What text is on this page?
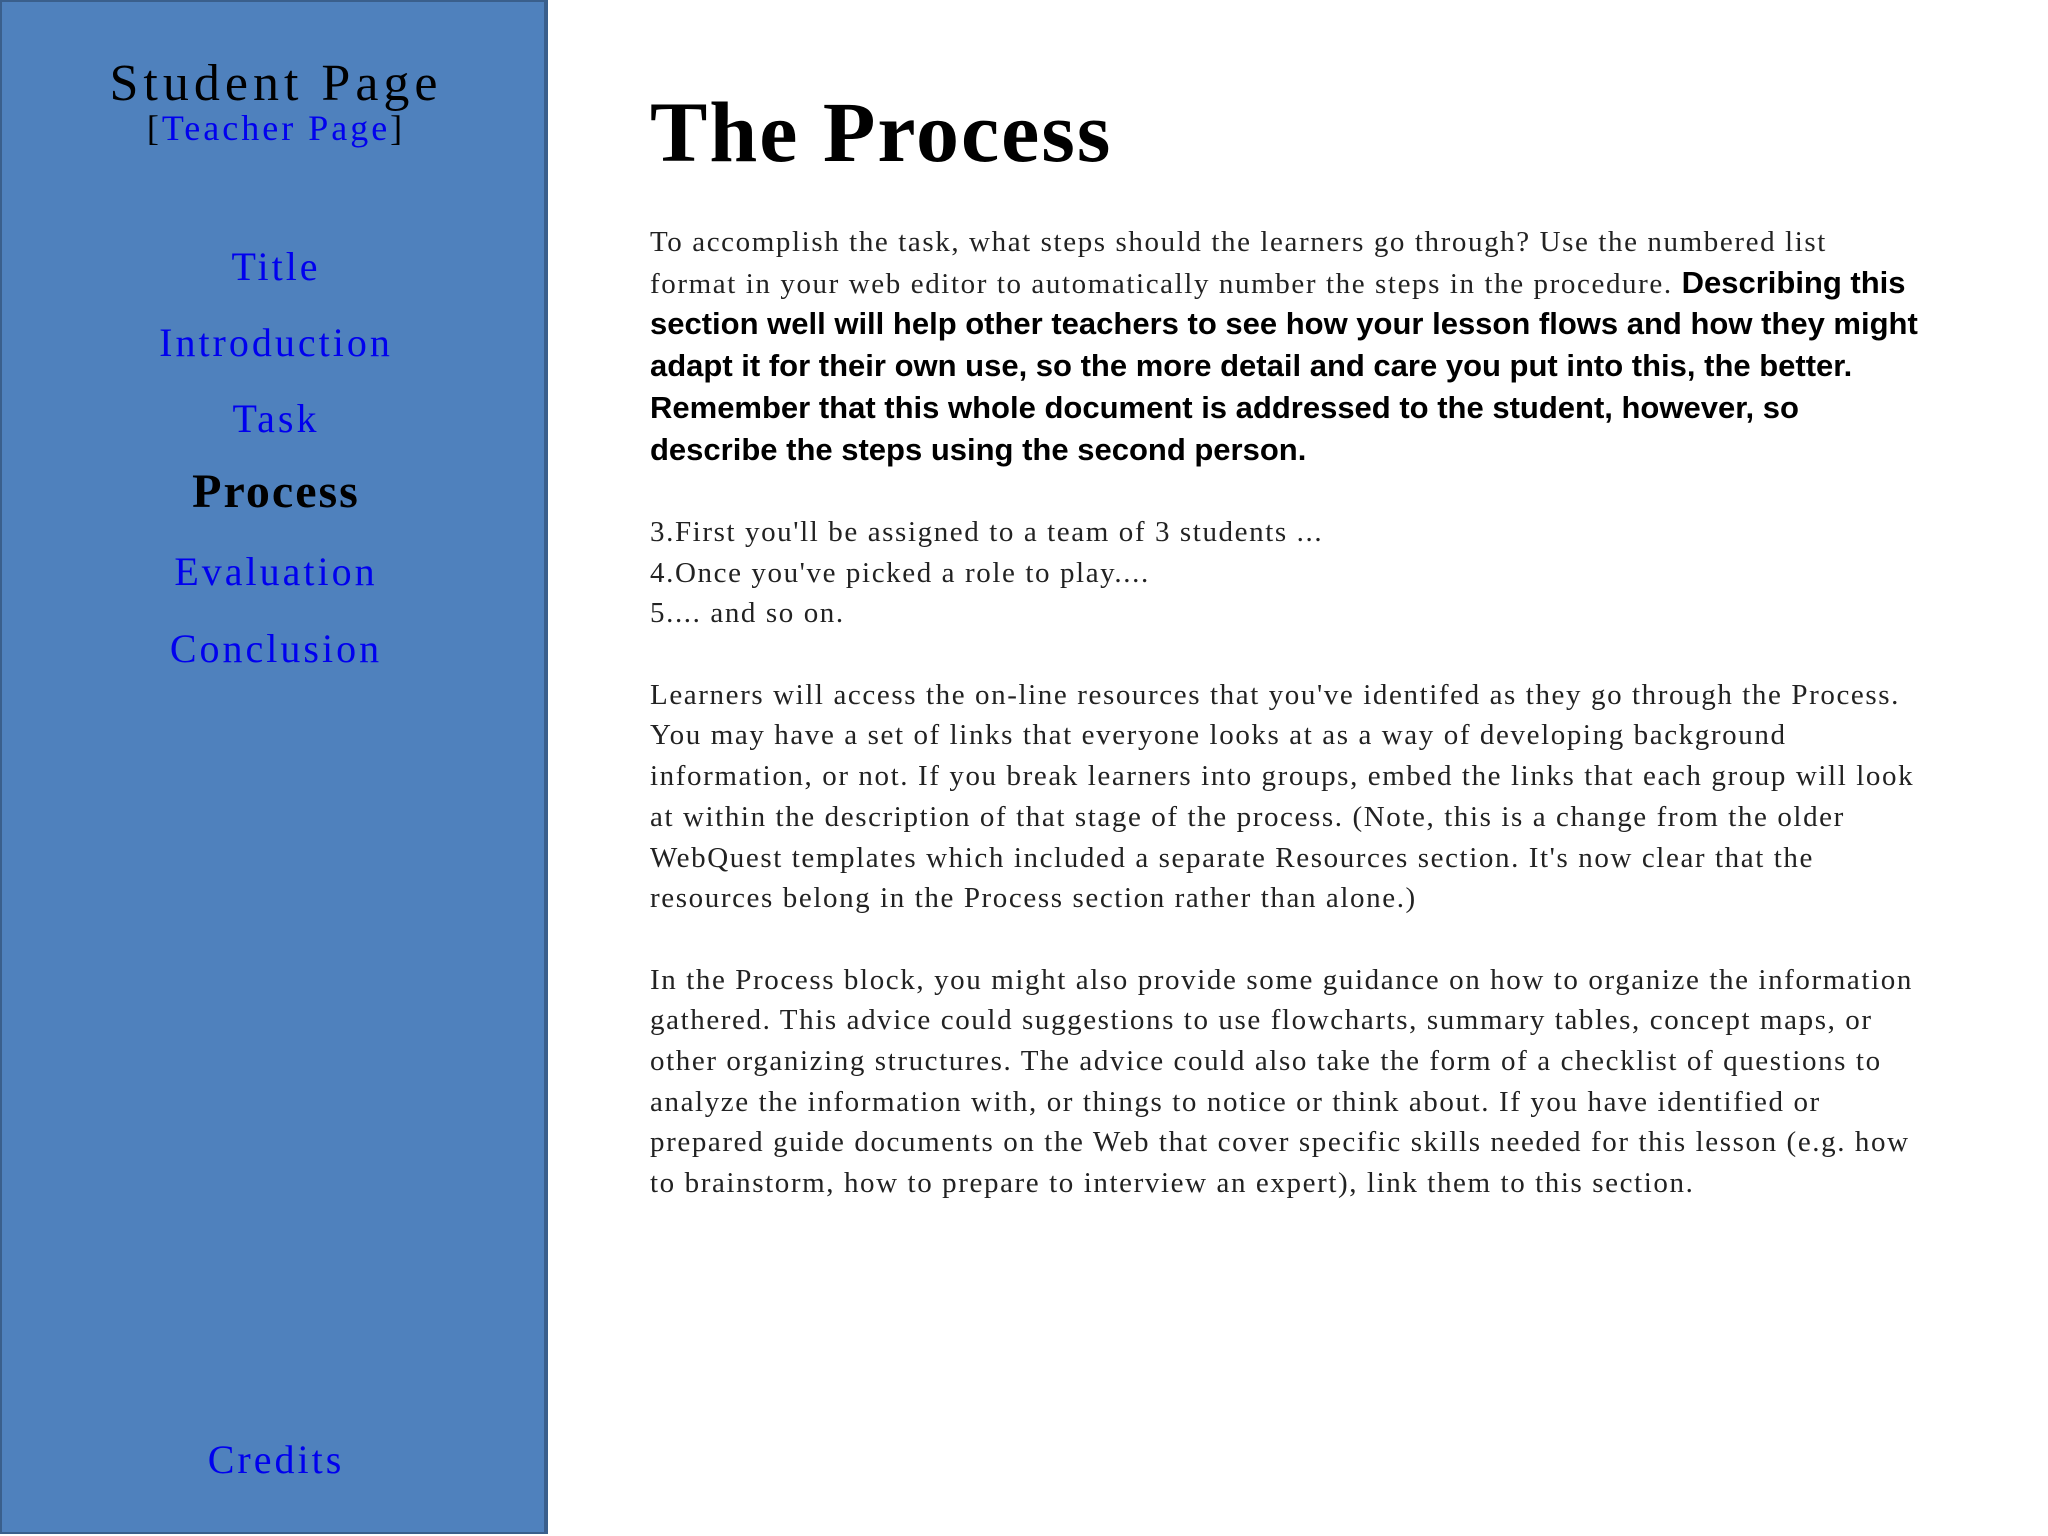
Student Page
[Teacher Page]
Title
Introduction
Task
Process
Evaluation
Conclusion
Credits
The Process

To accomplish the task, what steps should the learners go through? Use the numbered list format in your web editor to automatically number the steps in the procedure. Describing this section well will help other teachers to see how your lesson flows and how they might adapt it for their own use, so the more detail and care you put into this, the better. Remember that this whole document is addressed to the student, however, so describe the steps using the second person.

3.First you'll be assigned to a team of 3 students ...
4.Once you've picked a role to play....
5.... and so on.

Learners will access the on-line resources that you've identifed as they go through the Process. You may have a set of links that everyone looks at as a way of developing background information, or not. If you break learners into groups, embed the links that each group will look at within the description of that stage of the process. (Note, this is a change from the older WebQuest templates which included a separate Resources section. It's now clear that the resources belong in the Process section rather than alone.)

In the Process block, you might also provide some guidance on how to organize the information gathered. This advice could suggestions to use flowcharts, summary tables, concept maps, or other organizing structures. The advice could also take the form of a checklist of questions to analyze the information with, or things to notice or think about. If you have identified or prepared guide documents on the Web that cover specific skills needed for this lesson (e.g. how to brainstorm, how to prepare to interview an expert), link them to this section.
